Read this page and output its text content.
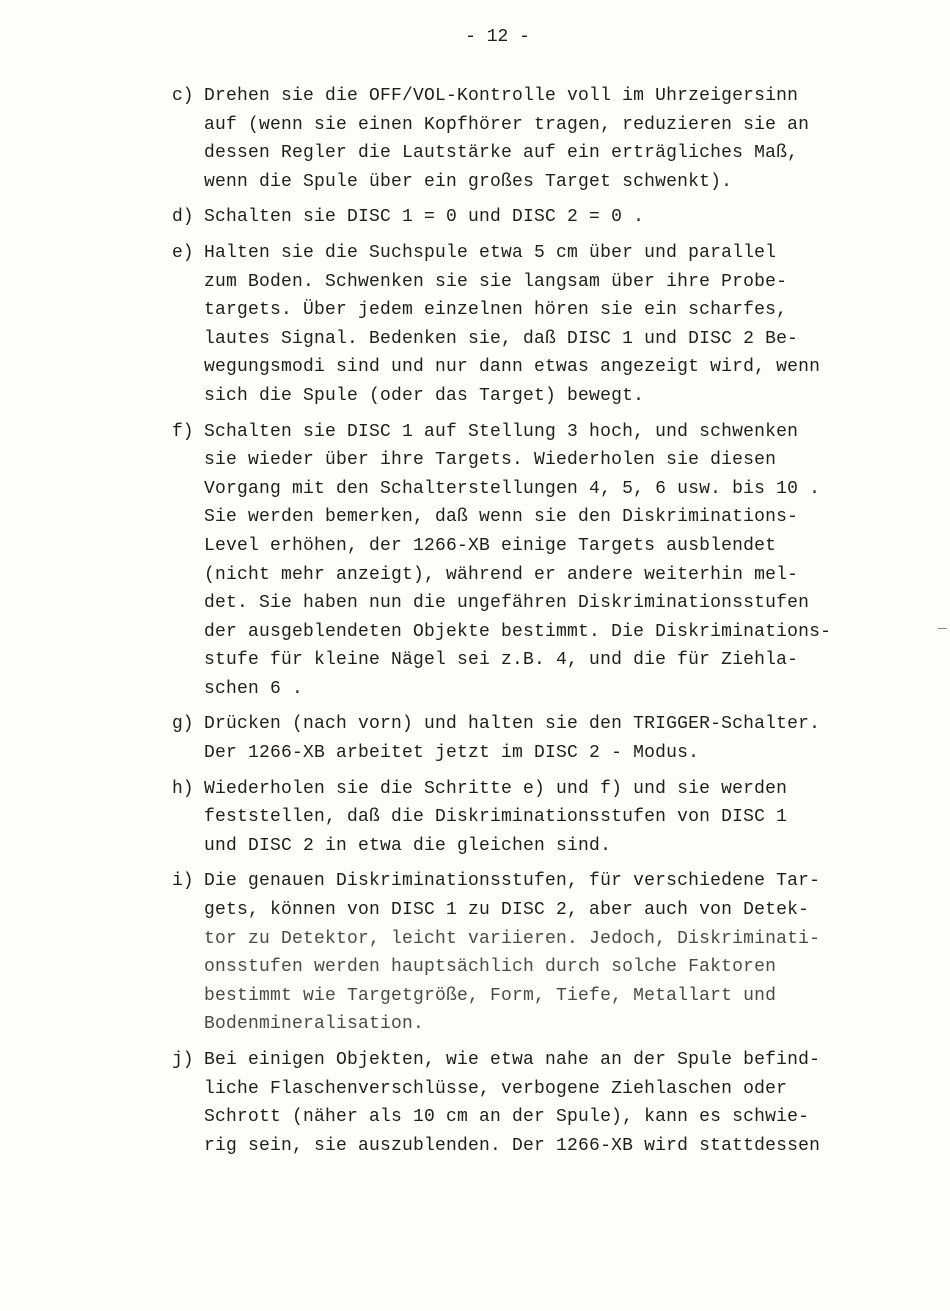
- 12 -
c) Drehen sie die OFF/VOL-Kontrolle voll im Uhrzeigersinn
auf (wenn sie einen Kopfhörer tragen, reduzieren sie an
dessen Regler die Lautstärke auf ein erträgliches Maß,
wenn die Spule über ein großes Target schwenkt).
d) Schalten sie DISC 1 = 0 und DISC 2 = 0 .
e) Halten sie die Suchspule etwa 5 cm über und parallel
zum Boden. Schwenken sie sie langsam über ihre Probe-
targets. Über jedem einzelnen hören sie ein scharfes,
lautes Signal. Bedenken sie, daß DISC 1 und DISC 2 Be-
wegungsmodi sind und nur dann etwas angezeigt wird, wenn
sich die Spule (oder das Target) bewegt.
f) Schalten sie DISC 1 auf Stellung 3 hoch, und schwenken
sie wieder über ihre Targets. Wiederholen sie diesen
Vorgang mit den Schalterstellungen 4, 5, 6 usw. bis 10 .
Sie werden bemerken, daß wenn sie den Diskriminations-
Level erhöhen, der 1266-XB einige Targets ausblendet
(nicht mehr anzeigt), während er andere weiterhin mel-
det. Sie haben nun die ungefähren Diskriminationsstufen
der ausgeblendeten Objekte bestimmt. Die Diskriminations-
stufe für kleine Nägel sei z.B. 4, und die für Ziehla-
schen 6 .
g) Drücken (nach vorn) und halten sie den TRIGGER-Schalter.
Der 1266-XB arbeitet jetzt im DISC 2 - Modus.
h) Wiederholen sie die Schritte e) und f) und sie werden
feststellen, daß die Diskriminationsstufen von DISC 1
und DISC 2 in etwa die gleichen sind.
i) Die genauen Diskriminationsstufen, für verschiedene Tar-
gets, können von DISC 1 zu DISC 2, aber auch von Detek-
tor zu Detektor, leicht variieren. Jedoch, Diskriminati-
onsstufen werden hauptsächlich durch solche Faktoren
bestimmt wie Targetgröße, Form, Tiefe, Metallart und
Bodenmineralisation.
j) Bei einigen Objekten, wie etwa nahe an der Spule befind-
liche Flaschenverschlüsse, verbogene Ziehlaschen oder
Schrott (näher als 10 cm an der Spule), kann es schwie-
rig sein, sie auszublenden. Der 1266-XB wird stattdessen
